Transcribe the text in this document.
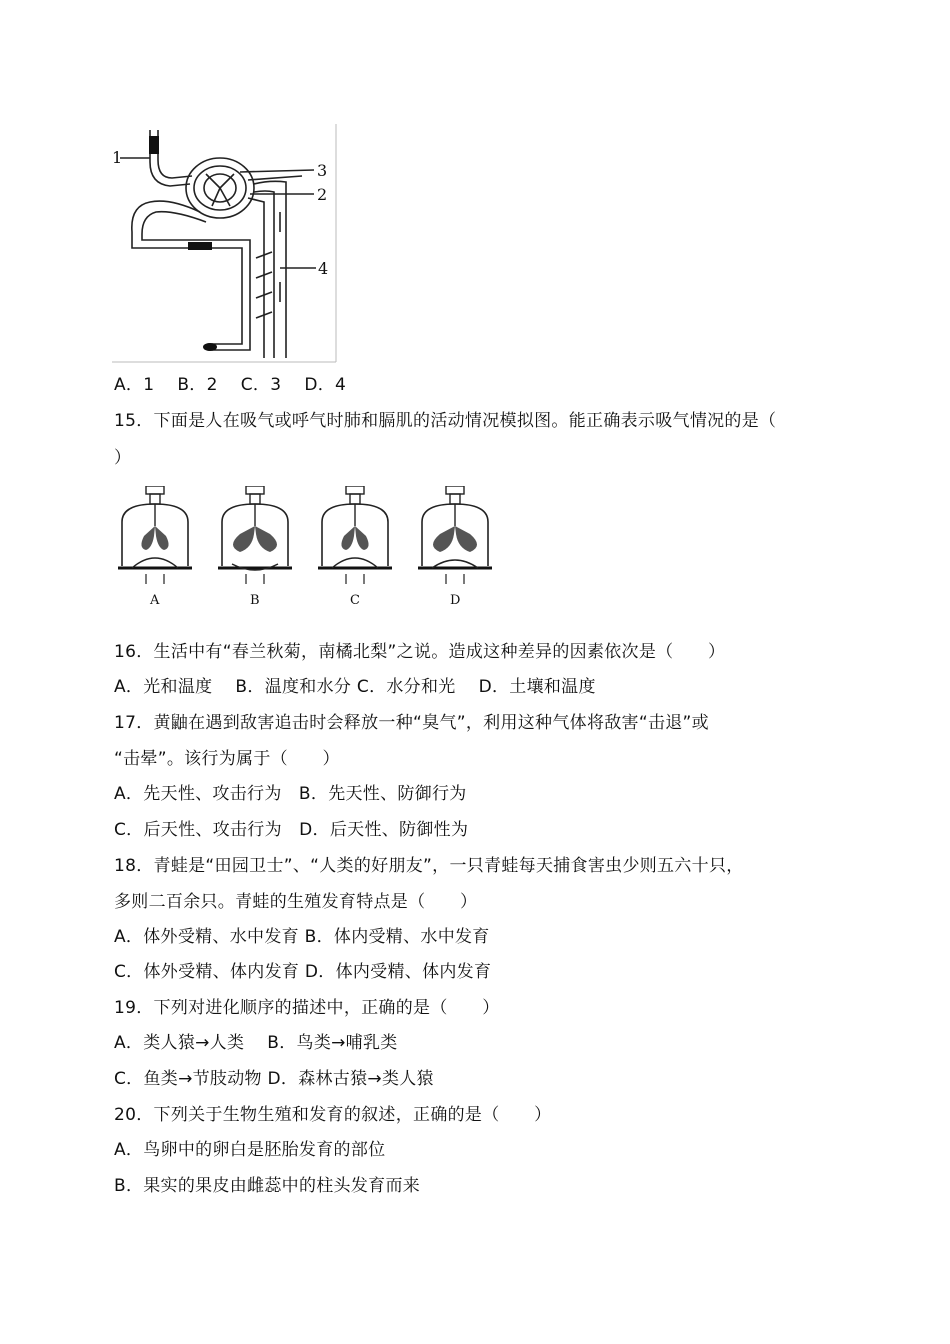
1
3
2
4
A．1　 B．2　 C．3　 D．4
15．下面是人在吸气或呼气时肺和膈肌的活动情况模拟图。能正确表示吸气情况的是（
）
A	B	C	D
16．生活中有“春兰秋菊，南橘北梨”之说。造成这种差异的因素依次是（　　）
A．光和温度　 B．温度和水分 C．水分和光　 D．土壤和温度
17．黄鼬在遇到敌害追击时会释放一种“臭气”，利用这种气体将敌害“击退”或
“击晕”。该行为属于（　　）
A．先天性、攻击行为　B．先天性、防御行为
C．后天性、攻击行为　D．后天性、防御性为
18．青蛙是“田园卫士”、“人类的好朋友”，一只青蛙每天捕食害虫少则五六十只，
多则二百余只。青蛙的生殖发育特点是（　　）
A．体外受精、水中发育 B．体内受精、水中发育
C．体外受精、体内发育 D．体内受精、体内发育
19．下列对进化顺序的描述中，正确的是（　　）
A．类人猿→人类　 B．鸟类→哺乳类
C．鱼类→节肢动物 D．森林古猿→类人猿
20．下列关于生物生殖和发育的叙述，正确的是（　　）
A．鸟卵中的卵白是胚胎发育的部位
B．果实的果皮由雌蕊中的柱头发育而来
